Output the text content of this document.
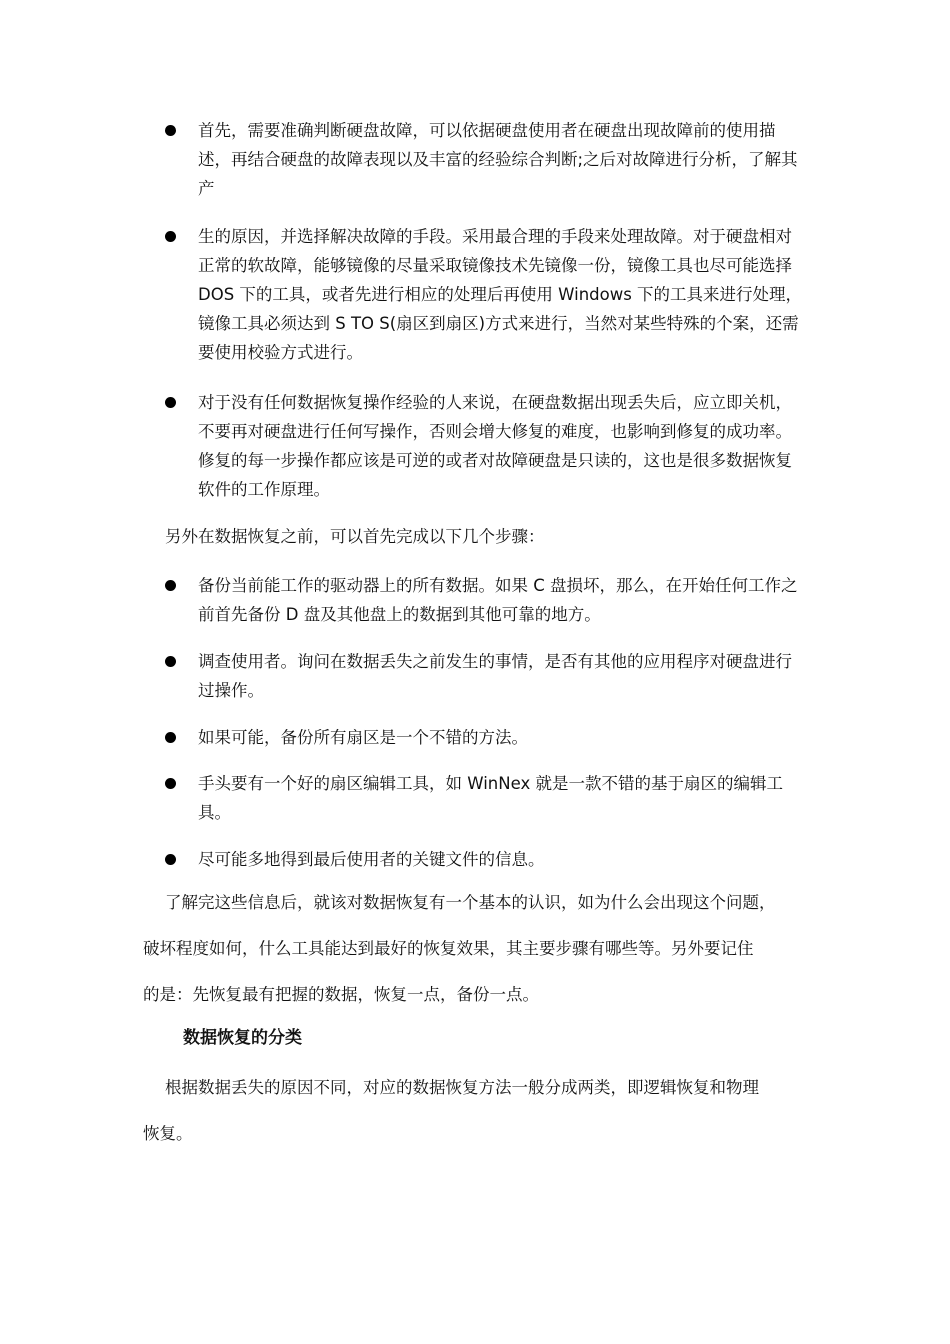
首先，需要准确判断硬盘故障，可以依据硬盘使用者在硬盘出现故障前的使用描述，再结合硬盘的故障表现以及丰富的经验综合判断;之后对故障进行分析，了解其产
生的原因，并选择解决故障的手段。采用最合理的手段来处理故障。对于硬盘相对正常的软故障，能够镜像的尽量采取镜像技术先镜像一份，镜像工具也尽可能选择 DOS 下的工具，或者先进行相应的处理后再使用 Windows 下的工具来进行处理，镜像工具必须达到 S TO S(扇区到扇区)方式来进行，当然对某些特殊的个案，还需要使用校验方式进行。
对于没有任何数据恢复操作经验的人来说，在硬盘数据出现丢失后，应立即关机，不要再对硬盘进行任何写操作，否则会增大修复的难度，也影响到修复的成功率。修复的每一步操作都应该是可逆的或者对故障硬盘是只读的，这也是很多数据恢复软件的工作原理。
另外在数据恢复之前，可以首先完成以下几个步骤：
备份当前能工作的驱动器上的所有数据。如果 C 盘损坏，那么，在开始任何工作之前首先备份 D 盘及其他盘上的数据到其他可靠的地方。
调查使用者。询问在数据丢失之前发生的事情，是否有其他的应用程序对硬盘进行过操作。
如果可能，备份所有扇区是一个不错的方法。
手头要有一个好的扇区编辑工具，如 WinNex 就是一款不错的基于扇区的编辑工具。
尽可能多地得到最后使用者的关键文件的信息。
了解完这些信息后，就该对数据恢复有一个基本的认识，如为什么会出现这个问题，
破坏程度如何，什么工具能达到最好的恢复效果，其主要步骤有哪些等。另外要记住
的是：先恢复最有把握的数据，恢复一点，备份一点。
数据恢复的分类
根据数据丢失的原因不同，对应的数据恢复方法一般分成两类，即逻辑恢复和物理
恢复。
